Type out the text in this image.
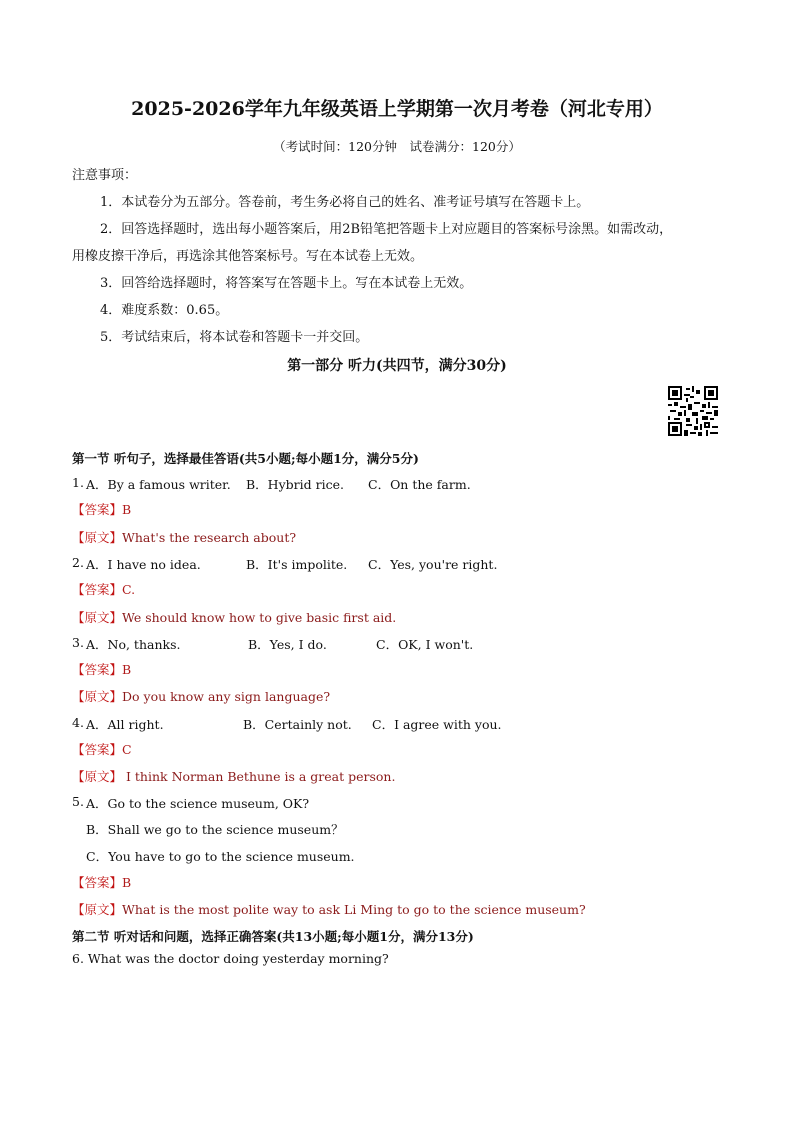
2025-2026学年九年级英语上学期第一次月考卷（河北专用）
（考试时间：120分钟　试卷满分：120分）
注意事项：
1．本试卷分为五部分。答卷前，考生务必将自己的姓名、准考证号填写在答题卡上。
2．回答选择题时，选出每小题答案后，用2B铅笔把答题卡上对应题目的答案标号涂黑。如需改动，
用橡皮擦干净后，再选涂其他答案标号。写在本试卷上无效。
3．回答给选择题时，将答案写在答题卡上。写在本试卷上无效。
4．难度系数：0.65。
5．考试结束后，将本试卷和答题卡一并交回。
第一部分 听力(共四节，满分30分)
第一节 听句子，选择最佳答语(共5小题;每小题1分，满分5分)
1. A．By a famous writer. B．Hybrid rice. C．On the farm.
【答案】B
【原文】What's the research about?
2. A．I have no idea.	B．It's impolite. C．Yes, you're right.
【答案】C.
【原文】We should know how to give basic first aid.
3. A．No, thanks.	B．Yes, I do.	C．OK, I won't.
【答案】B
【原文】Do you know any sign language?
4. A．All right.	B．Certainly not. C．I agree with you.
【答案】C
【原文】 I think Norman Bethune is a great person.
5. A．Go to the science museum, OK?
B．Shall we go to the science museum？
C．You have to go to the science museum.
【答案】B
【原文】What is the most polite way to ask Li Ming to go to the science museum?
第二节 听对话和问题，选择正确答案(共13小题;每小题1分，满分13分)
6. What was the doctor doing yesterday morning?
